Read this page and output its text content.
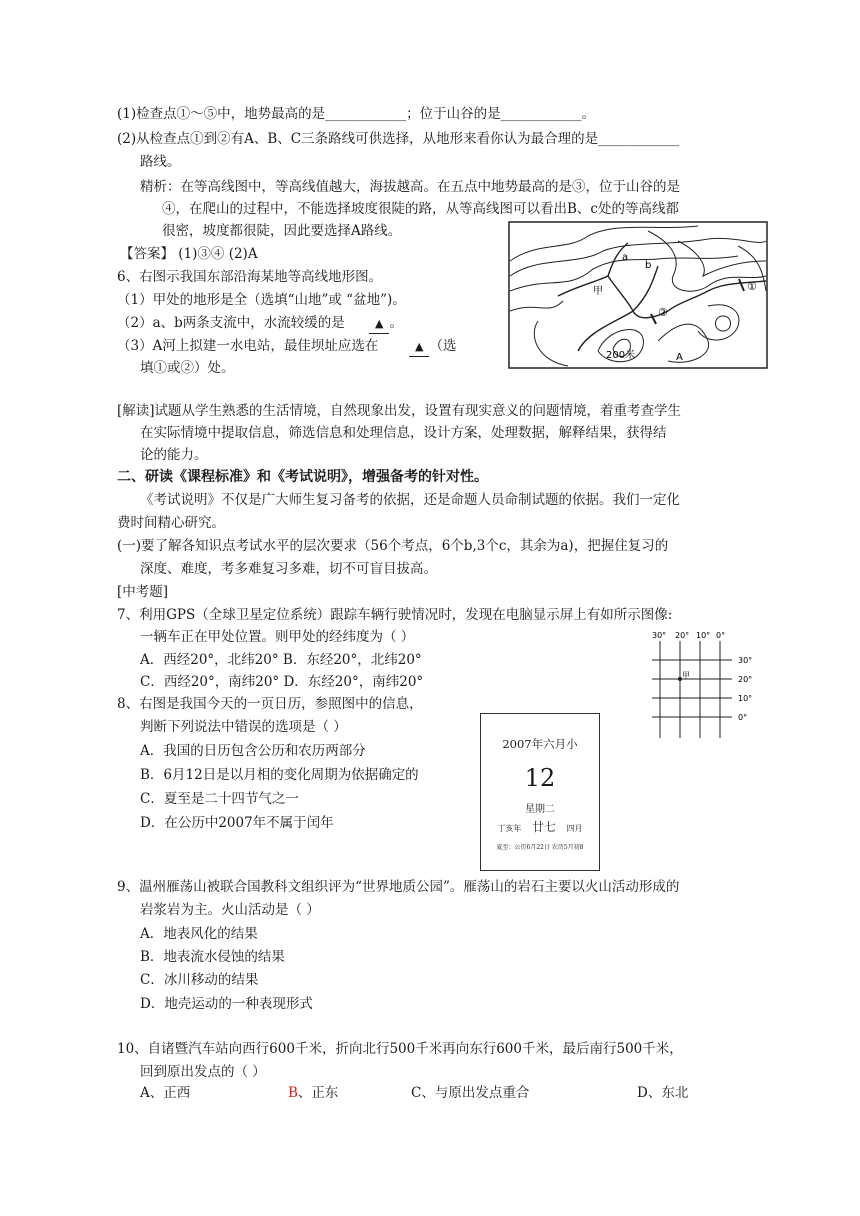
(1)检查点①～⑤中，地势最高的是____________；位于山谷的是____________。
(2)从检查点①到②有A、B、C三条路线可供选择，从地形来看你认为最合理的是____________
路线。
精析：在等高线图中，等高线值越大，海拔越高。在五点中地势最高的是③，位于山谷的是
④，在爬山的过程中，不能选择坡度很陡的路，从等高线图可以看出B、c处的等高线都
很密，坡度都很陡，因此要选择A路线。
【答案】 (1)③④ (2)A
6、右图示我国东部沿海某地等高线地形图。
（1）甲处的地形是全（选填“山地”或 “盆地”)。
（2）a、b两条支流中，水流较缓的是
（3）A河上拟建一水电站，最佳坝址应选在
填①或②）处。
[解读]试题从学生熟悉的生活情境，自然现象出发，设置有现实意义的问题情境，着重考查学生
在实际情境中提取信息，筛选信息和处理信息，设计方案，处理数据，解释结果，获得结
论的能力。
二、研读《课程标准》和《考试说明》，增强备考的针对性。
《考试说明》不仅是广大师生复习备考的依据，还是命题人员命制试题的依据。我们一定化
费时间精心研究。
(一)要了解各知识点考试水平的层次要求（56个考点，6个b,3个c，其余为a)，把握住复习的
深度、难度，考多难复习多难，切不可盲目拔高。
[中考题]
7、利用GPS（全球卫星定位系统）跟踪车辆行驶情况时，发现在电脑显示屏上有如所示图像:
一辆车正在甲处位置。则甲处的经纬度为（ ）
A．西经20°，北纬20° B．东经20°，北纬20°
C．西经20°，南纬20° D．东经20°，南纬20°
8、右图是我国今天的一页日历，参照图中的信息，
判断下列说法中错误的选项是（ ）
A．我国的日历包含公历和农历两部分
B．6月12日是以月相的变化周期为依据确定的
C．夏至是二十四节气之一
D．在公历中2007年不属于闰年
9、温州雁荡山被联合国教科文组织评为“世界地质公园”。雁荡山的岩石主要以火山活动形成的
岩浆岩为主。火山活动是（ ）
A．地表风化的结果
B．地表流水侵蚀的结果
C．冰川移动的结果
D．地壳运动的一种表现形式
10、自诸暨汽车站向西行600千米，折向北行500千米再向东行600千米，最后南行500千米，
回到原出发点的（ ）
▲ 。
▲ （选
A、正西	B、正东	C、与原出发点重合	D、东北
a
b
甲	①
②
200米	A
30° 20° 10° 0°
30°
20°
10°
0°
甲
2007年六月小
12
星期二
丁亥年 廿七 四月
夏至：公历6月22日 农历5月初8
